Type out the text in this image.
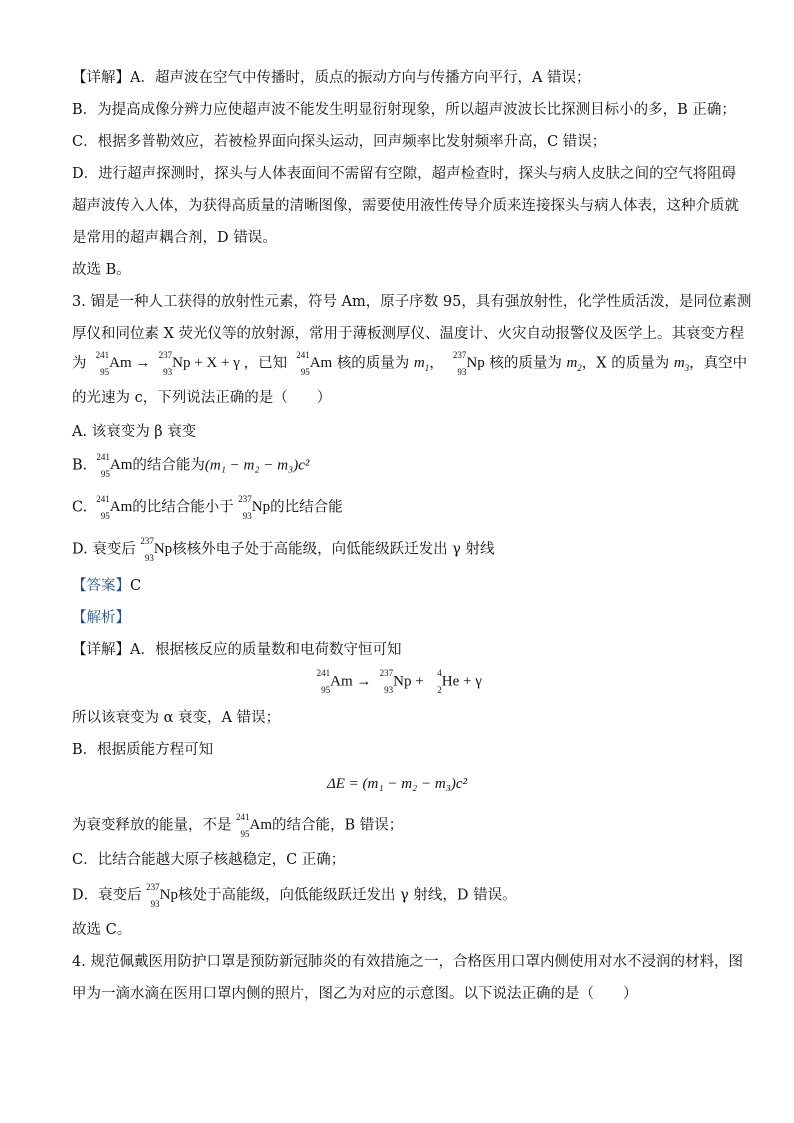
【详解】A．超声波在空气中传播时，质点的振动方向与传播方向平行，A 错误；
B．为提高成像分辨力应使超声波不能发生明显衍射现象，所以超声波波长比探测目标小的多，B 正确；
C．根据多普勒效应，若被检界面向探头运动，回声频率比发射频率升高，C 错误；
D．进行超声探测时，探头与人体表面间不需留有空隙，超声检查时，探头与病人皮肤之间的空气将阻碍
超声波传入人体，为获得高质量的清晰图像，需要使用液性传导介质来连接探头与病人体表，这种介质就
是常用的超声耦合剂，D 错误。
故选 B。
3. 镅是一种人工获得的放射性元素，符号 Am，原子序数 95，具有强放射性，化学性质活泼，是同位素测
厚仪和同位素 X 荧光仪等的放射源，常用于薄板测厚仪、温度计、火灾自动报警仪及医学上。其衰变方程
为
241
95
Am →
237
93
Np + X + γ ，已知
241
95
Am 核的质量为 $m_1$，
237
93
Np 核的质量为 $m_2$，X 的质量为 $m_3$，真空中
的光速为 c，下列说法正确的是（　　）
A. 该衰变为 β 衰变
B.
241
95
Am的结合能为(m₁ − m₂ − m₃)c²
C.
241
95
Am的比结合能小于
237
93
Np的比结合能
D. 衰变后
237
93
Np核核外电子处于高能级，向低能级跃迁发出 γ 射线
【答案】C
【解析】
【详解】A．根据核反应的质量数和电荷数守恒可知
241
95
Am →
237
93
Np +
4
2
He + γ
所以该衰变为 α 衰变，A 错误；
B．根据质能方程可知
ΔE = (m₁ − m₂ − m₃)c²
为衰变释放的能量，不是
241
95
Am的结合能，B 错误；
C．比结合能越大原子核越稳定，C 正确；
D．衰变后
237
93
Np核处于高能级，向低能级跃迁发出 γ 射线，D 错误。
故选 C。
4. 规范佩戴医用防护口罩是预防新冠肺炎的有效措施之一，合格医用口罩内侧使用对水不浸润的材料，图
甲为一滴水滴在医用口罩内侧的照片，图乙为对应的示意图。以下说法正确的是（　　）
